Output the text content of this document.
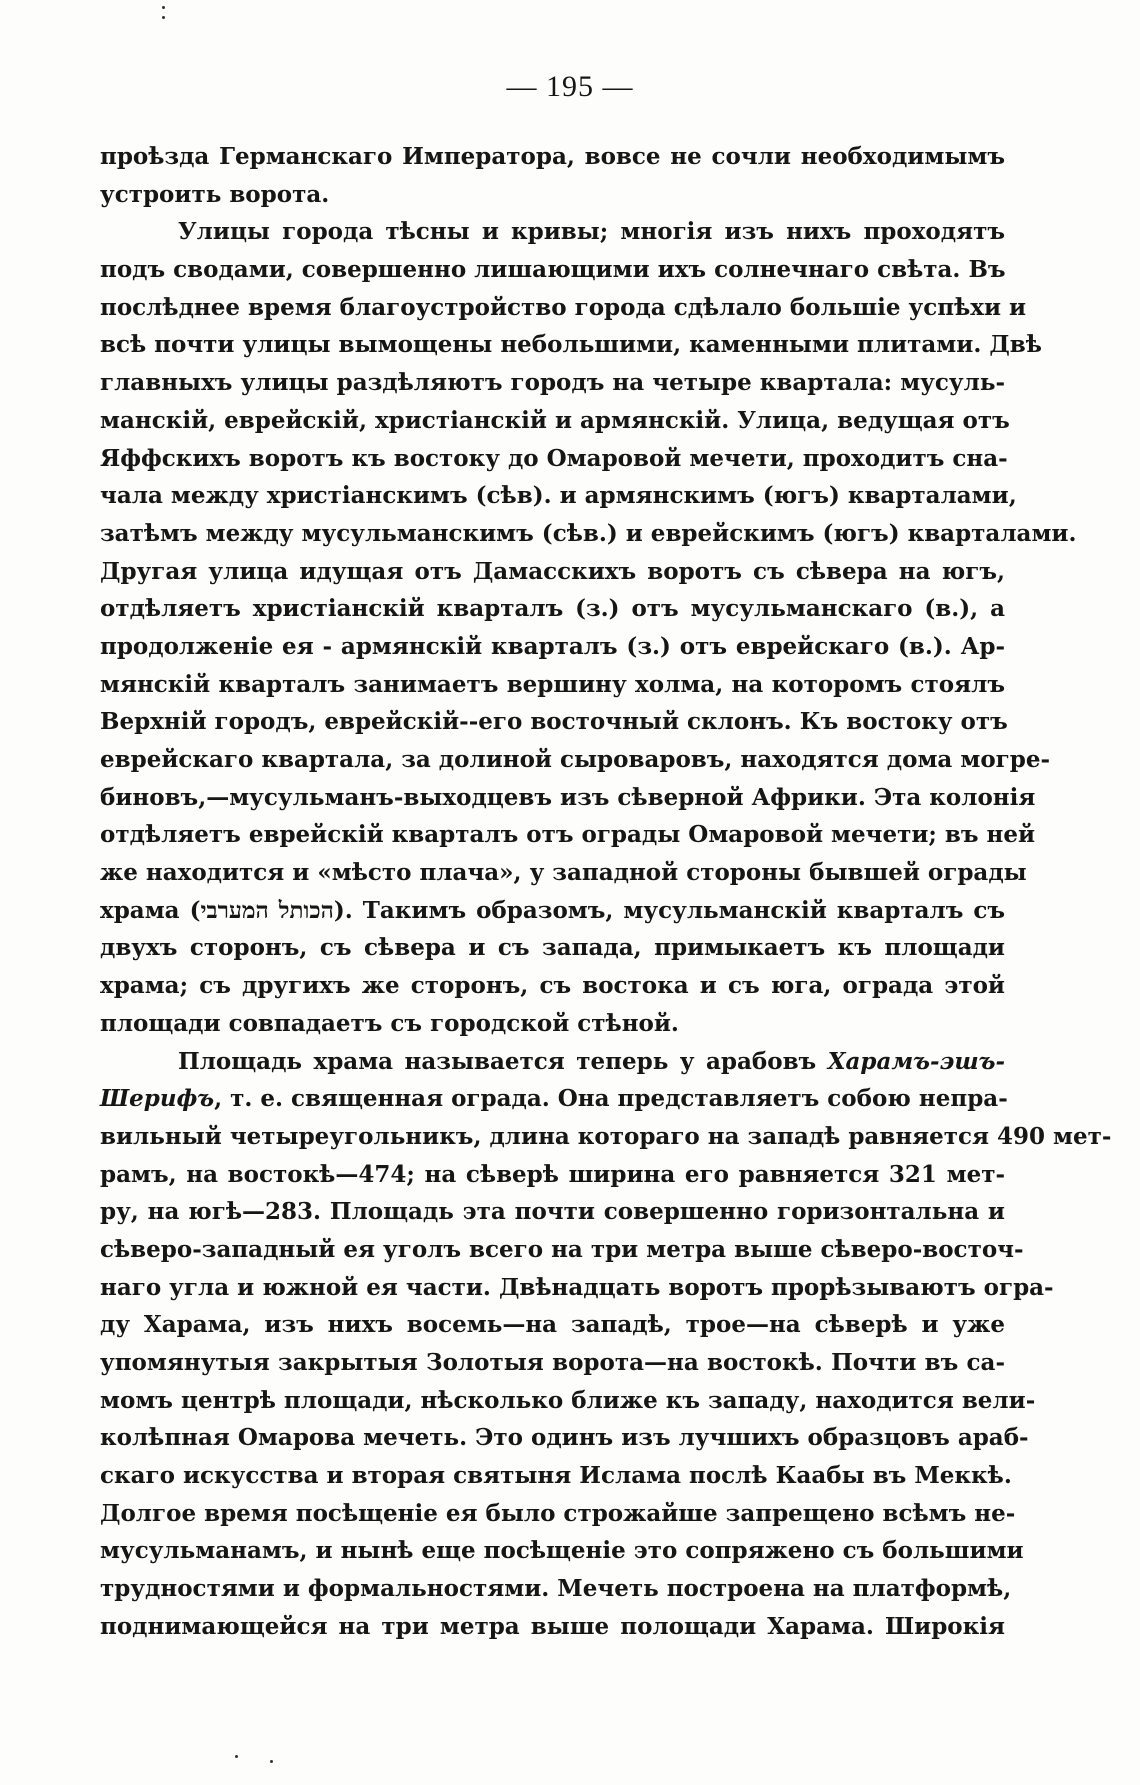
— 195 —
проѣзда Германскаго Императора, вовсе не сочли необходимымъ
устроить ворота.
Улицы города тѣсны и кривы; многія изъ нихъ проходятъ
подъ сводами, совершенно лишающими ихъ солнечнаго свѣта. Въ
послѣднее время благоустройство города сдѣлало большіе успѣхи и
всѣ почти улицы вымощены небольшими, каменными плитами. Двѣ
главныхъ улицы раздѣляютъ городъ на четыре квартала: мусуль-
манскій, еврейскій, христіанскій и армянскій. Улица, ведущая отъ
Яффскихъ воротъ къ востоку до Омаровой мечети, проходитъ сна-
чала между христіанскимъ (сѣв). и армянскимъ (югъ) кварталами,
затѣмъ между мусульманскимъ (сѣв.) и еврейскимъ (югъ) кварталами.
Другая улица идущая отъ Дамасскихъ воротъ съ сѣвера на югъ,
отдѣляетъ христіанскій кварталъ (з.) отъ мусульманскаго (в.), а
продолженіе ея - армянскій кварталъ (з.) отъ еврейскаго (в.). Ар-
мянскій кварталъ занимаетъ вершину холма, на которомъ стоялъ
Верхній городъ, еврейскій--его восточный склонъ. Къ востоку отъ
еврейскаго квартала, за долиной сыроваровъ, находятся дома могре-
биновъ,—мусульманъ-выходцевъ изъ сѣверной Африки. Эта колонія
отдѣляетъ еврейскій кварталъ отъ ограды Омаровой мечети; въ ней
же находится и «мѣсто плача», у западной стороны бывшей ограды
храма (הכותל המערבי). Такимъ образомъ, мусульманскій кварталъ съ
двухъ сторонъ, съ сѣвера и съ запада, примыкаетъ къ площади
храма; съ другихъ же сторонъ, съ востока и съ юга, ограда этой
площади совпадаетъ съ городской стѣной.
Площадь храма называется теперь у арабовъ Харамъ-эшъ-
Шерифъ, т. е. священная ограда. Она представляетъ собою непра-
вильный четыреугольникъ, длина котораго на западѣ равняется 490 мет-
рамъ, на востокѣ—474; на сѣверѣ ширина его равняется 321 мет-
ру, на югѣ—283. Площадь эта почти совершенно горизонтальна и
сѣверо-западный ея уголъ всего на три метра выше сѣверо-восточ-
наго угла и южной ея части. Двѣнадцать воротъ прорѣзываютъ огра-
ду Харама, изъ нихъ восемь—на западѣ, трое—на сѣверѣ и уже
упомянутыя закрытыя Золотыя ворота—на востокѣ. Почти въ са-
момъ центрѣ площади, нѣсколько ближе къ западу, находится вели-
колѣпная Омарова мечеть. Это одинъ изъ лучшихъ образцовъ араб-
скаго искусства и вторая святыня Ислама послѣ Каабы въ Меккѣ.
Долгое время посѣщеніе ея было строжайше запрещено всѣмъ не-
мусульманамъ, и нынѣ еще посѣщеніе это сопряжено съ большими
трудностями и формальностями. Мечеть построена на платформѣ,
поднимающейся на три метра выше полощади Харама. Широкія
